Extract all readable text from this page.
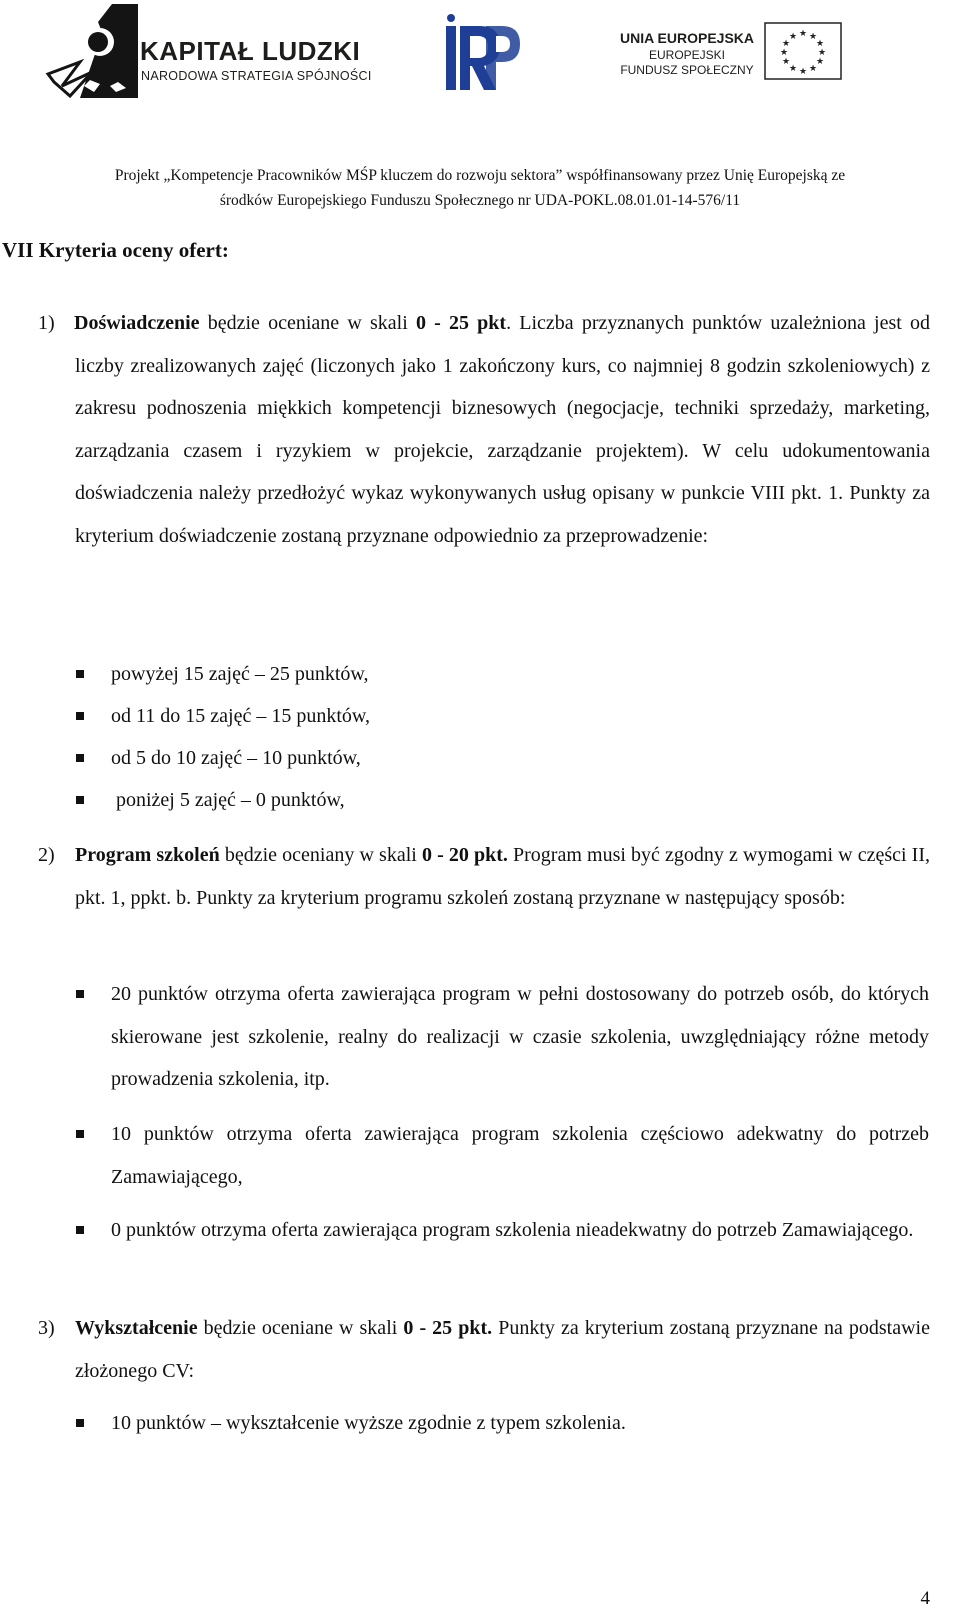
KAPITAŁ LUDZKI
NARODOWA STRATEGIA SPÓJNOŚCI
UNIA EUROPEJSKA
EUROPEJSKI
FUNDUSZ SPOŁECZNY
★ ★
★
★
★
★
★
★
★
★
★
★
Projekt „Kompetencje Pracowników MŚP kluczem do rozwoju sektora” współfinansowany przez Unię Europejską ze
środków Europejskiego Funduszu Społecznego nr UDA-POKL.08.01.01-14-576/11
VII Kryteria oceny ofert:
1) Doświadczenie będzie oceniane w skali 0 - 25 pkt. Liczba przyznanych punktów uzależniona jest od liczby zrealizowanych zajęć (liczonych jako 1 zakończony kurs, co najmniej 8 godzin szkoleniowych) z zakresu podnoszenia miękkich kompetencji biznesowych (negocjacje, techniki sprzedaży, marketing, zarządzania czasem i ryzykiem w projekcie, zarządzanie projektem). W celu udokumentowania doświadczenia należy przedłożyć wykaz wykonywanych usług opisany w punkcie VIII pkt. 1. Punkty za kryterium doświadczenie zostaną przyznane odpowiednio za przeprowadzenie:
powyżej 15 zajęć – 25 punktów,
od 11 do 15 zajęć – 15 punktów,
od 5 do 10 zajęć – 10 punktów,
poniżej 5 zajęć – 0 punktów,
2) Program szkoleń będzie oceniany w skali 0 - 20 pkt. Program musi być zgodny z wymogami w części II, pkt. 1, ppkt. b. Punkty za kryterium programu szkoleń zostaną przyznane w następujący sposób:
20 punktów otrzyma oferta zawierająca program w pełni dostosowany do potrzeb osób, do których skierowane jest szkolenie, realny do realizacji w czasie szkolenia, uwzględniający różne metody prowadzenia szkolenia, itp.
10 punktów otrzyma oferta zawierająca program szkolenia częściowo adekwatny do potrzeb Zamawiającego,
0 punktów otrzyma oferta zawierająca program szkolenia nieadekwatny do potrzeb Zamawiającego.
3) Wykształcenie będzie oceniane w skali 0 - 25 pkt. Punkty za kryterium zostaną przyznane na podstawie złożonego CV:
10 punktów – wykształcenie wyższe zgodnie z typem szkolenia.
4
